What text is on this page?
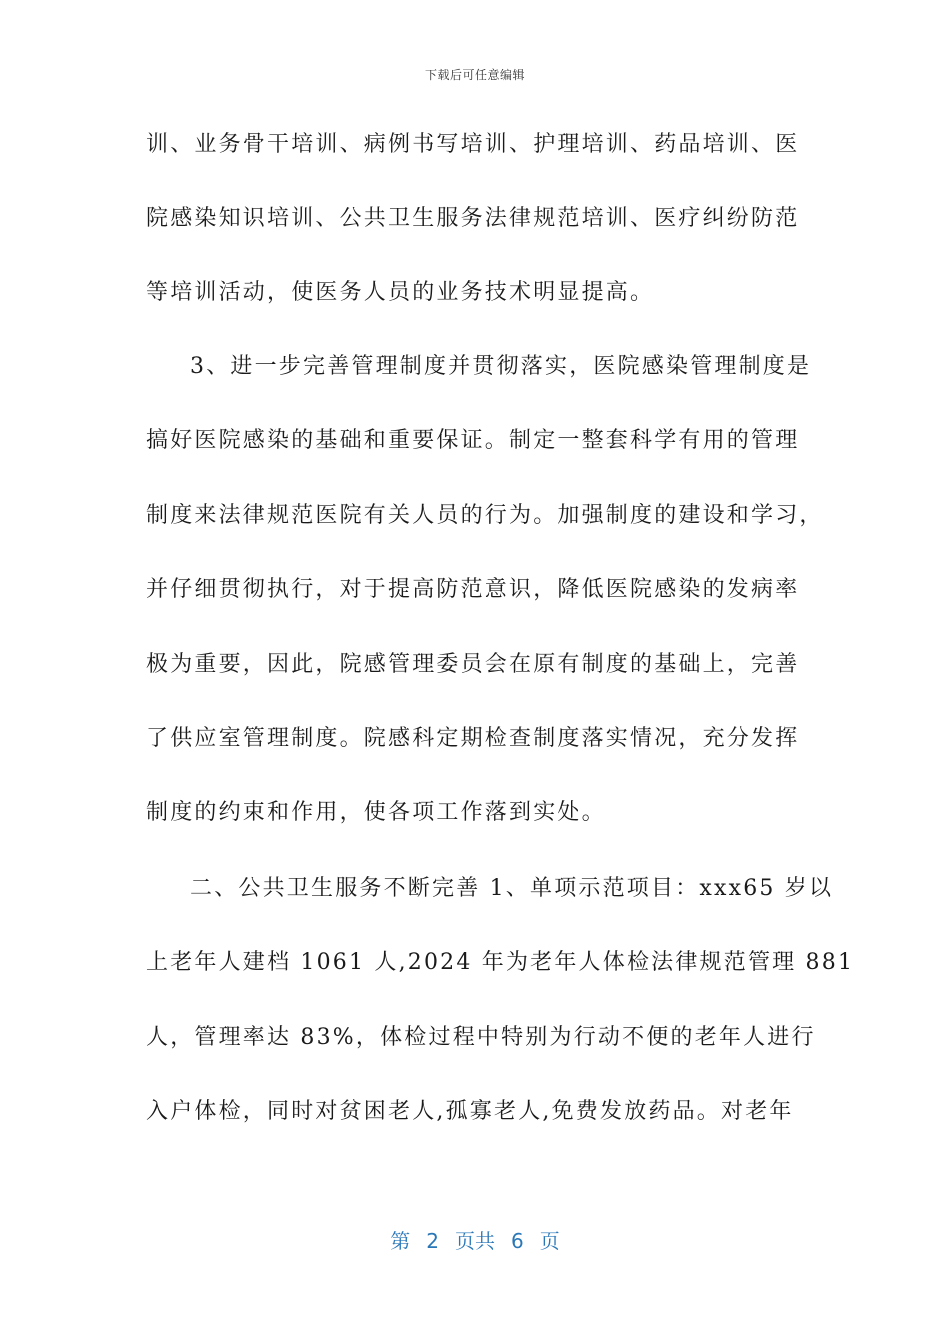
下载后可任意编辑
训、业务骨干培训、病例书写培训、护理培训、药品培训、医
院感染知识培训、公共卫生服务法律规范培训、医疗纠纷防范
等培训活动，使医务人员的业务技术明显提高。
3、进一步完善管理制度并贯彻落实，医院感染管理制度是
搞好医院感染的基础和重要保证。制定一整套科学有用的管理
制度来法律规范医院有关人员的行为。加强制度的建设和学习，
并仔细贯彻执行，对于提高防范意识，降低医院感染的发病率
极为重要，因此，院感管理委员会在原有制度的基础上，完善
了供应室管理制度。院感科定期检查制度落实情况，充分发挥
制度的约束和作用，使各项工作落到实处。
二、公共卫生服务不断完善 1、单项示范项目：xxx65 岁以
上老年人建档 1061 人,2024 年为老年人体检法律规范管理 881
人，管理率达 83%，体检过程中特别为行动不便的老年人进行
入户体检，同时对贫困老人,孤寡老人,免费发放药品。对老年
第 2 页共 6 页
